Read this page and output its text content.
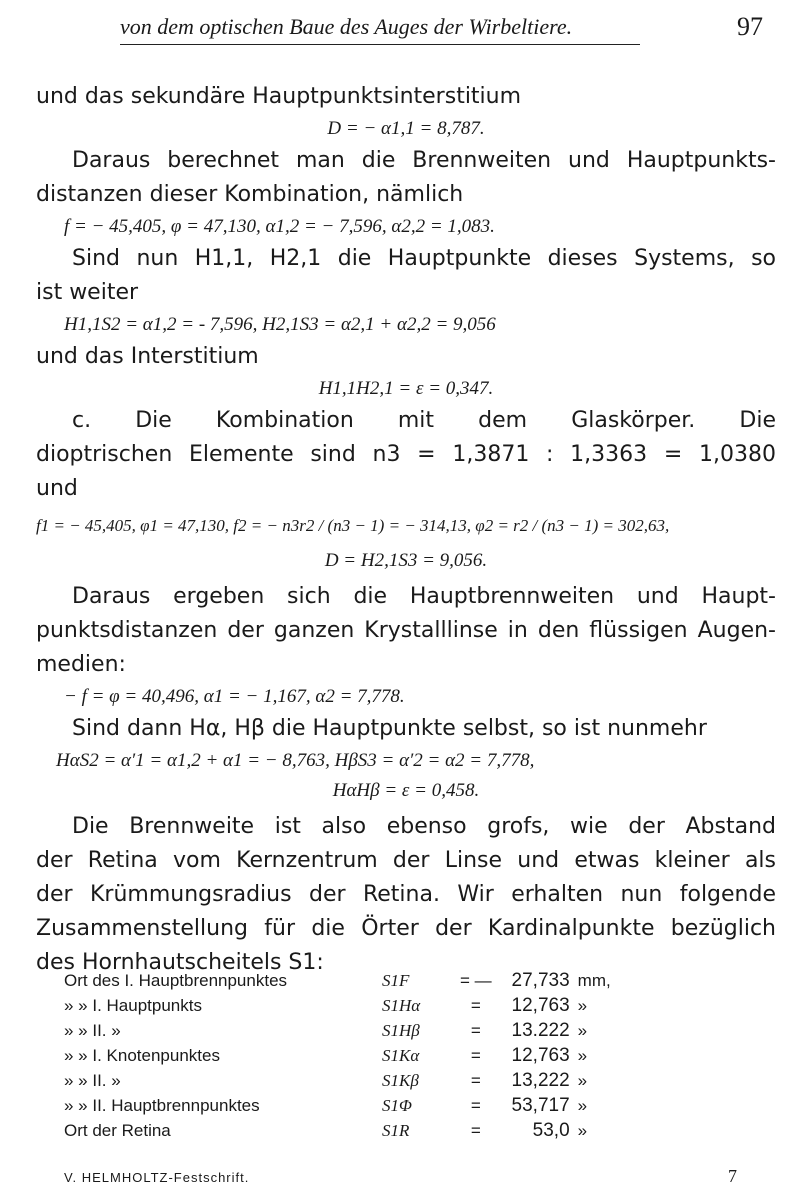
von dem optischen Baue des Auges der Wirbeltiere.	97
und das sekundäre Hauptpunktsinterstitium
D = − α1,1 = 8,787.
Daraus berechnet man die Brennweiten und Hauptpunkts-
distanzen dieser Kombination, nämlich
f = − 45,405, φ = 47,130, α1,2 = − 7,596, α2,2 = 1,083.
Sind nun H1,1, H2,1 die Hauptpunkte dieses Systems, so
ist weiter
H1,1S2 = α1,2 = - 7,596, H2,1S3 = α2,1 + α2,2 = 9,056
und das Interstitium
H1,1H2,1 = ε = 0,347.
c. Die Kombination mit dem Glaskörper. Die
dioptrischen Elemente sind n3 = 1,3871 : 1,3363 = 1,0380
und
f1 = − 45,405, φ1 = 47,130, f2 = − n3r2 / (n3 − 1) = − 314,13, φ2 = r2 / (n3 − 1) = 302,63,
D = H2,1S3 = 9,056.
Daraus ergeben sich die Hauptbrennweiten und Haupt-
punktsdistanzen der ganzen Krystalllinse in den flüssigen Augen-
medien:
− f = φ = 40,496, α1 = − 1,167, α2 = 7,778.
Sind dann Hα, Hβ die Hauptpunkte selbst, so ist nunmehr
HαS2 = α′1 = α1,2 + α1 = − 8,763, HβS3 = α′2 = α2 = 7,778,
HαHβ = ε = 0,458.
Die Brennweite ist also ebenso grofs, wie der Abstand
der Retina vom Kernzentrum der Linse und etwas kleiner als
der Krümmungsradius der Retina. Wir erhalten nun folgende
Zusammenstellung für die Örter der Kardinalpunkte bezüglich
des Hornhautscheitels S1:
Ort des I. Hauptbrennpunktes	S1F	= —	27,733	mm,
» » I. Hauptpunkts	S1Hα	=	12,763	»
» » II. »	S1Hβ	=	13.222	»
» » I. Knotenpunktes	S1Kα	=	12,763	»
» » II. »	S1Kβ	=	13,222	»
» » II. Hauptbrennpunktes	S1Φ	=	53,717	»
Ort der Retina	S1R	=	53,0	»
V. HELMHOLTZ-Festschrift.	7
